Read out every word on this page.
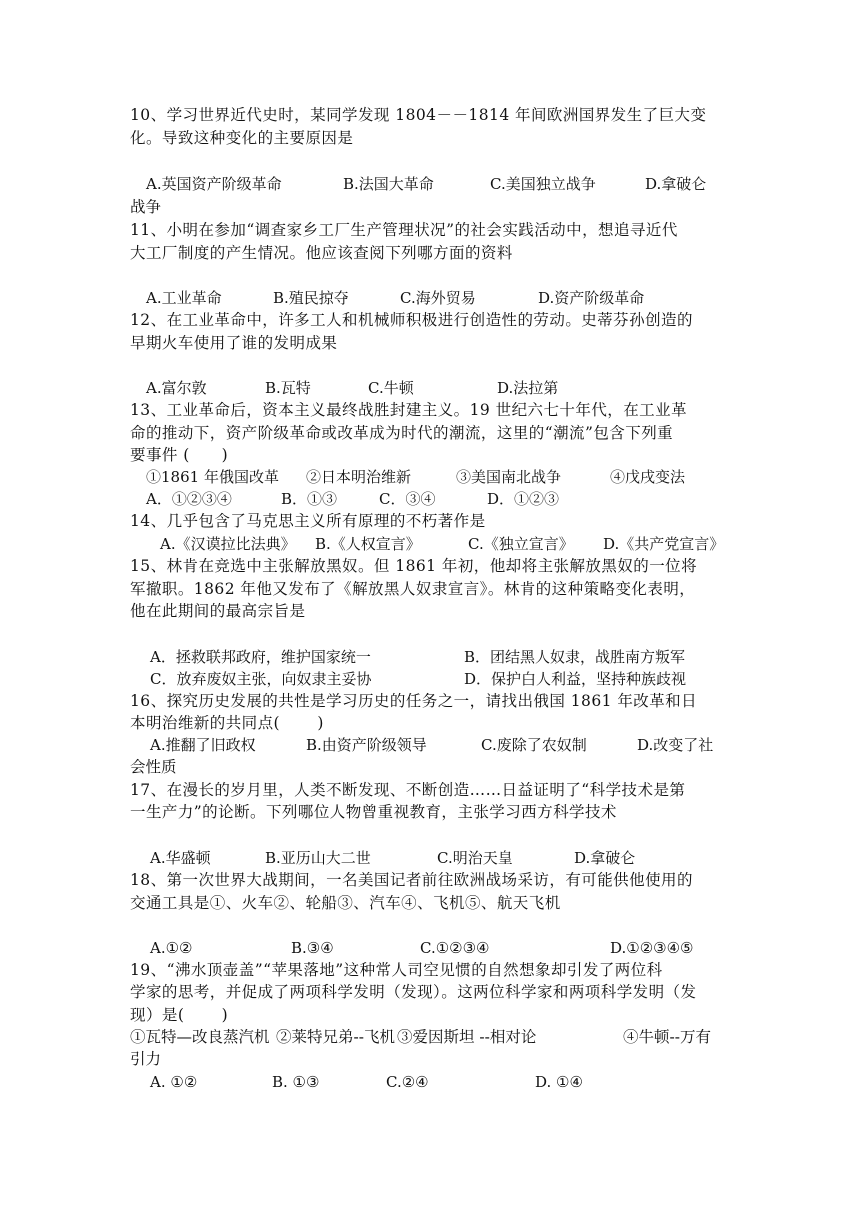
10、学习世界近代史时，某同学发现 1804－－1814 年间欧洲国界发生了巨大变
化。导致这种变化的主要原因是
A.英国资产阶级革命	B.法国大革命	C.美国独立战争	D.拿破仑
战争
11、小明在参加“调查家乡工厂生产管理状况”的社会实践活动中，想追寻近代
大工厂制度的产生情况。他应该查阅下列哪方面的资料
A.工业革命	B.殖民掠夺	C.海外贸易	D.资产阶级革命
12、在工业革命中，许多工人和机械师积极进行创造性的劳动。史蒂芬孙创造的
早期火车使用了谁的发明成果
A.富尔敦	B.瓦特	C.牛顿	D.法拉第
13、工业革命后，资本主义最终战胜封建主义。19 世纪六七十年代，在工业革
命的推动下，资产阶级革命或改革成为时代的潮流，这里的“潮流”包含下列重
要事件 (　　)
①1861 年俄国改革 ②日本明治维新	③美国南北战争	④戊戌变法
A．①②③④	B．①③	C．③④	D．①②③
14、几乎包含了马克思主义所有原理的不朽著作是
A.《汉谟拉比法典》 B.《人权宣言》	C.《独立宣言》 D.《共产党宣言》
15、林肯在竞选中主张解放黑奴。但 1861 年初，他却将主张解放黑奴的一位将
军撤职。1862 年他又发布了《解放黑人奴隶宣言》。林肯的这种策略变化表明，
他在此期间的最高宗旨是
A．拯救联邦政府，维护国家统一	B．团结黑人奴隶，战胜南方叛军
C．放弃废奴主张，向奴隶主妥协	D．保护白人利益，坚持种族歧视
16、探究历史发展的共性是学习历史的任务之一，请找出俄国 1861 年改革和日
本明治维新的共同点(　　 )
A.推翻了旧政权	B.由资产阶级领导	C.废除了农奴制	D.改变了社
会性质
17、在漫长的岁月里，人类不断发现、不断创造……日益证明了“科学技术是第
一生产力”的论断。下列哪位人物曾重视教育，主张学习西方科学技术
A.华盛顿	B.亚历山大二世	C.明治天皇	D.拿破仑
18、第一次世界大战期间，一名美国记者前往欧洲战场采访，有可能供他使用的
交通工具是①、火车②、轮船③、汽车④、飞机⑤、航天飞机
A.①②	B.③④	C.①②③④	D.①②③④⑤
19、“沸水顶壶盖”“苹果落地”这种常人司空见惯的自然想象却引发了两位科
学家的思考，并促成了两项科学发明（发现）。这两位科学家和两项科学发明（发
现）是(　　 )
①瓦特—改良蒸汽机 ②莱特兄弟--飞机 ③爱因斯坦 --相对论	④牛顿--万有
引力
A. ①②	B. ①③	C.②④	D. ①④
